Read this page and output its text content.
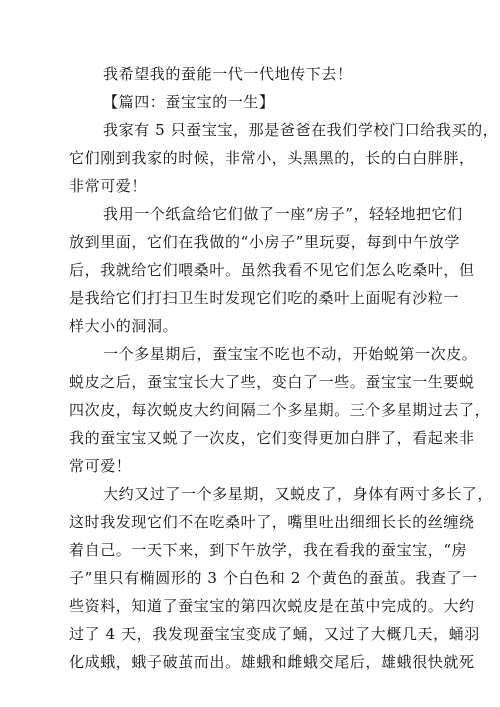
我希望我的蚕能一代一代地传下去！
【篇四：蚕宝宝的一生】
我家有 5 只蚕宝宝，那是爸爸在我们学校门口给我买的，
它们刚到我家的时候，非常小，头黑黑的，长的白白胖胖，
非常可爱！
我用一个纸盒给它们做了一座“房子”，轻轻地把它们
放到里面，它们在我做的“小房子”里玩耍，每到中午放学
后，我就给它们喂桑叶。虽然我看不见它们怎么吃桑叶，但
是我给它们打扫卫生时发现它们吃的桑叶上面呢有沙粒一
样大小的洞洞。
一个多星期后，蚕宝宝不吃也不动，开始蜕第一次皮。
蜕皮之后，蚕宝宝长大了些，变白了一些。蚕宝宝一生要蜕
四次皮，每次蜕皮大约间隔二个多星期。三个多星期过去了，
我的蚕宝宝又蜕了一次皮，它们变得更加白胖了，看起来非
常可爱！
大约又过了一个多星期，又蜕皮了，身体有两寸多长了，
这时我发现它们不在吃桑叶了，嘴里吐出细细长长的丝缠绕
着自己。一天下来，到下午放学，我在看我的蚕宝宝，“房
子”里只有椭圆形的 3 个白色和 2 个黄色的蚕茧。我查了一
些资料，知道了蚕宝宝的第四次蜕皮是在茧中完成的。大约
过了 4 天，我发现蚕宝宝变成了蛹，又过了大概几天，蛹羽
化成蛾，蛾子破茧而出。雄蛾和雌蛾交尾后，雄蛾很快就死
